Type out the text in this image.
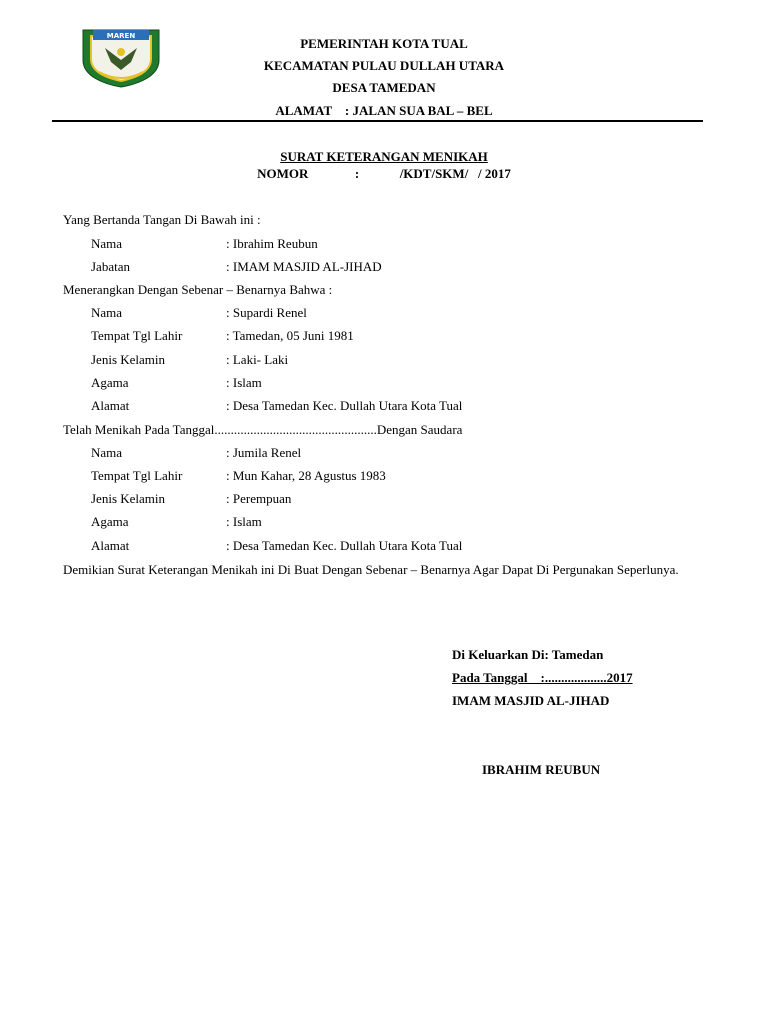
MAREN	PEMERINTAH KOTA TUAL
KECAMATAN PULAU DULLAH UTARA
DESA TAMEDAN
ALAMAT    : JALAN SUA BAL – BEL
SURAT KETERANGAN MENIKAH
NOMOR	:	/KDT/SKM/   / 2017
Yang Bertanda Tangan Di Bawah ini :
Nama	: Ibrahim Reubun
Jabatan	: IMAM MASJID AL-JIHAD
Menerangkan Dengan Sebenar – Benarnya Bahwa :
Nama	: Supardi Renel
Tempat Tgl Lahir	: Tamedan, 05 Juni 1981
Jenis Kelamin	: Laki- Laki
Agama	: Islam
Alamat	: Desa Tamedan Kec. Dullah Utara Kota Tual
Telah Menikah Pada Tanggal..................................................Dengan Saudara
Nama	: Jumila Renel
Tempat Tgl Lahir	: Mun Kahar, 28 Agustus 1983
Jenis Kelamin	: Perempuan
Agama	: Islam
Alamat	: Desa Tamedan Kec. Dullah Utara Kota Tual
Demikian Surat Keterangan Menikah ini Di Buat Dengan Sebenar – Benarnya Agar Dapat Di Pergunakan Seperlunya.
Di Keluarkan Di: Tamedan
Pada Tanggal    :...................2017
IMAM MASJID AL-JIHAD
IBRAHIM REUBUN
